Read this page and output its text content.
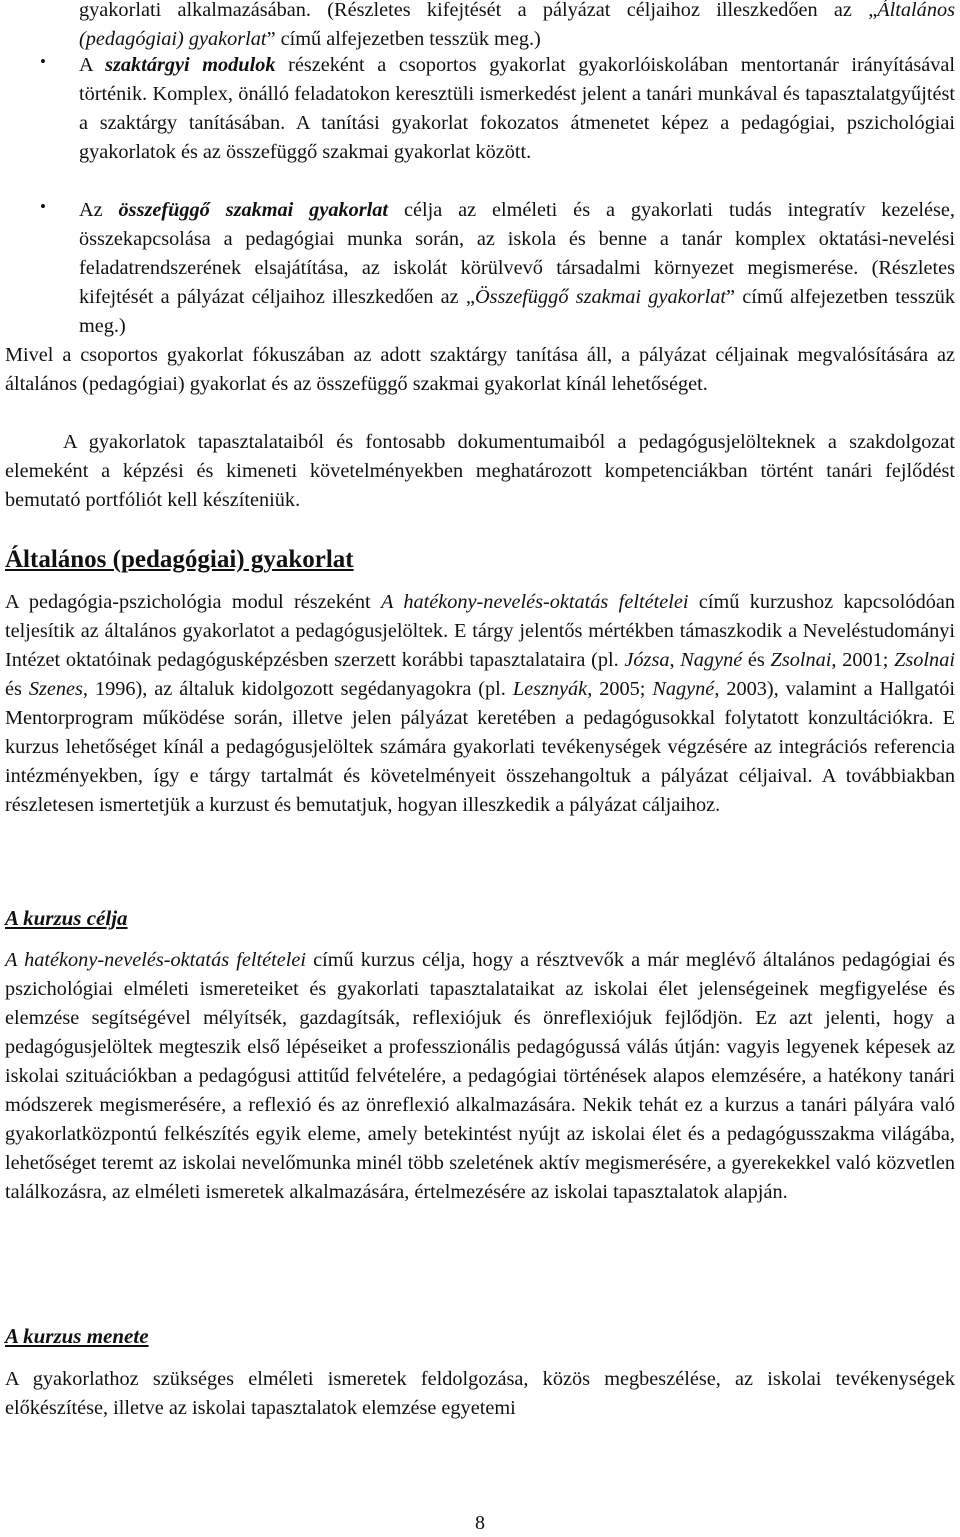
gyakorlati alkalmazásában. (Részletes kifejtését a pályázat céljaihoz illeszkedően az „Általános (pedagógiai) gyakorlat” című alfejezetben tesszük meg.)
• A szaktárgyi modulok részeként a csoportos gyakorlat gyakorlóiskolában mentortanár irányításával történik. Komplex, önálló feladatokon keresztüli ismerkedést jelent a tanári munkával és tapasztalatgyűjtést a szaktárgy tanításában. A tanítási gyakorlat fokozatos átmenetet képez a pedagógiai, pszichológiai gyakorlatok és az összefüggő szakmai gyakorlat között.
• Az összefüggő szakmai gyakorlat célja az elméleti és a gyakorlati tudás integratív kezelése, összekapcsolása a pedagógiai munka során, az iskola és benne a tanár komplex oktatási-nevelési feladatrendszerének elsajátítása, az iskolát körülvevő társadalmi környezet megismerése. (Részletes kifejtését a pályázat céljaihoz illeszkedően az „Összefüggő szakmai gyakorlat” című alfejezetben tesszük meg.)
Mivel a csoportos gyakorlat fókuszában az adott szaktárgy tanítása áll, a pályázat céljainak megvalósítására az általános (pedagógiai) gyakorlat és az összefüggő szakmai gyakorlat kínál lehetőséget.
A gyakorlatok tapasztalataiból és fontosabb dokumentumaiból a pedagógusjelölteknek a szakdolgozat elemeként a képzési és kimeneti követelményekben meghatározott kompetenciákban történt tanári fejlődést bemutató portfóliót kell készíteniük.
Általános (pedagógiai) gyakorlat
A pedagógia-pszichológia modul részeként A hatékony-nevelés-oktatás feltételei című kurzushoz kapcsolódóan teljesítik az általános gyakorlatot a pedagógusjelöltek. E tárgy jelentős mértékben támaszkodik a Neveléstudományi Intézet oktatóinak pedagógusképzésben szerzett korábbi tapasztalataira (pl. Józsa, Nagyné és Zsolnai, 2001; Zsolnai és Szenes, 1996), az általuk kidolgozott segédanyagokra (pl. Lesznyák, 2005; Nagyné, 2003), valamint a Hallgatói Mentorprogram működése során, illetve jelen pályázat keretében a pedagógusokkal folytatott konzultációkra. E kurzus lehetőséget kínál a pedagógusjelöltek számára gyakorlati tevékenységek végzésére az integrációs referencia intézményekben, így e tárgy tartalmát és követelményeit összehangoltuk a pályázat céljaival. A továbbiakban részletesen ismertetjük a kurzust és bemutatjuk, hogyan illeszkedik a pályázat cáljaihoz.
A kurzus célja
A hatékony-nevelés-oktatás feltételei című kurzus célja, hogy a résztvevők a már meglévő általános pedagógiai és pszichológiai elméleti ismereteiket és gyakorlati tapasztalataikat az iskolai élet jelenségeinek megfigyelése és elemzése segítségével mélyítsék, gazdagítsák, reflexiójuk és önreflexiójuk fejlődjön. Ez azt jelenti, hogy a pedagógusjelöltek megteszik első lépéseiket a professzionális pedagógussá válás útján: vagyis legyenek képesek az iskolai szituációkban a pedagógusi attitűd felvételére, a pedagógiai történések alapos elemzésére, a hatékony tanári módszerek megismerésére, a reflexió és az önreflexió alkalmazására. Nekik tehát ez a kurzus a tanári pályára való gyakorlatközpontú felkészítés egyik eleme, amely betekintést nyújt az iskolai élet és a pedagógusszakma világába, lehetőséget teremt az iskolai nevelőmunka minél több szeletének aktív megismerésére, a gyerekekkel való közvetlen találkozásra, az elméleti ismeretek alkalmazására, értelmezésére az iskolai tapasztalatok alapján.
A kurzus menete
A gyakorlathoz szükséges elméleti ismeretek feldolgozása, közös megbeszélése, az iskolai tevékenységek előkészítése, illetve az iskolai tapasztalatok elemzése egyetemi
8
